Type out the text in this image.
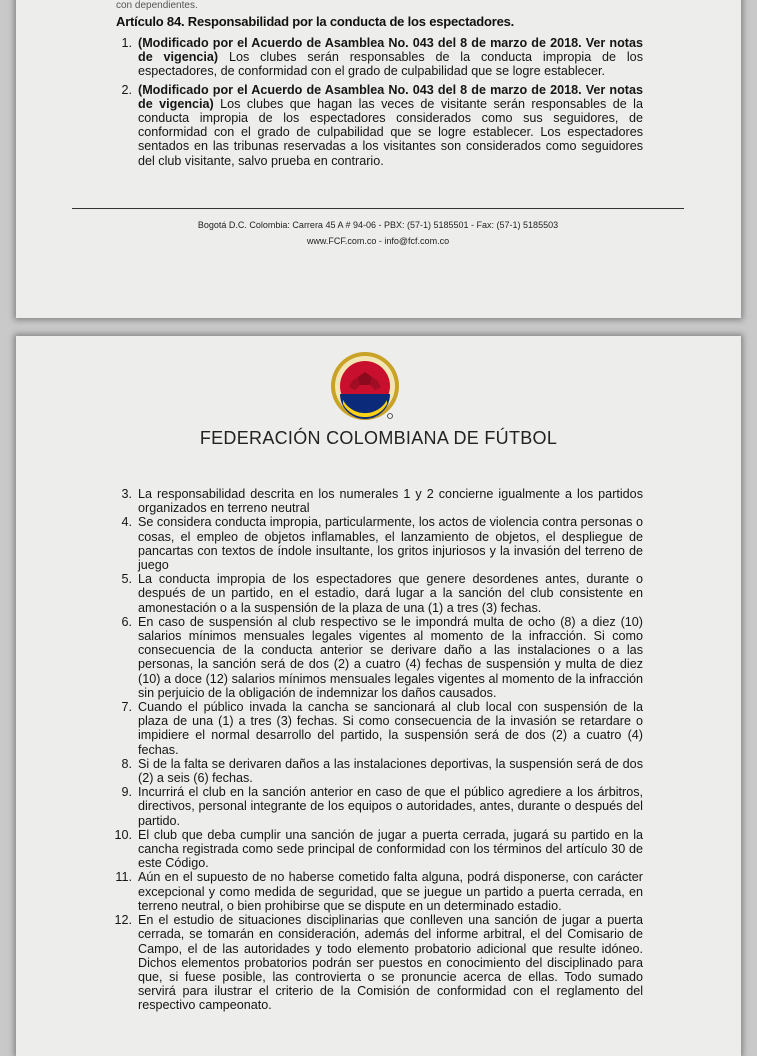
con dependientes.
Artículo 84. Responsabilidad por la conducta de los espectadores.
1. (Modificado por el Acuerdo de Asamblea No. 043 del 8 de marzo de 2018. Ver notas de vigencia) Los clubes serán responsables de la conducta impropia de los espectadores, de conformidad con el grado de culpabilidad que se logre establecer.
2. (Modificado por el Acuerdo de Asamblea No. 043 del 8 de marzo de 2018. Ver notas de vigencia) Los clubes que hagan las veces de visitante serán responsables de la conducta impropia de los espectadores considerados como sus seguidores, de conformidad con el grado de culpabilidad que se logre establecer. Los espectadores sentados en las tribunas reservadas a los visitantes son considerados como seguidores del club visitante, salvo prueba en contrario.
Bogotá D.C. Colombia: Carrera 45 A # 94-06 - PBX: (57-1) 5185501 - Fax: (57-1) 5185503
www.FCF.com.co - info@fcf.com.co
FEDERACIÓN COLOMBIANA DE FÚTBOL
3. La responsabilidad descrita en los numerales 1 y 2 concierne igualmente a los partidos organizados en terreno neutral
4. Se considera conducta impropia, particularmente, los actos de violencia contra personas o cosas, el empleo de objetos inflamables, el lanzamiento de objetos, el despliegue de pancartas con textos de índole insultante, los gritos injuriosos y la invasión del terreno de juego
5. La conducta impropia de los espectadores que genere desordenes antes, durante o después de un partido, en el estadio, dará lugar a la sanción del club consistente en amonestación o a la suspensión de la plaza de una (1) a tres (3) fechas.
6. En caso de suspensión al club respectivo se le impondrá multa de ocho (8) a diez (10) salarios mínimos mensuales legales vigentes al momento de la infracción. Si como consecuencia de la conducta anterior se derivare daño a las instalaciones o a las personas, la sanción será de dos (2) a cuatro (4) fechas de suspensión y multa de diez (10) a doce (12) salarios mínimos mensuales legales vigentes al momento de la infracción sin perjuicio de la obligación de indemnizar los daños causados.
7. Cuando el público invada la cancha se sancionará al club local con suspensión de la plaza de una (1) a tres (3) fechas. Si como consecuencia de la invasión se retardare o impidiere el normal desarrollo del partido, la suspensión será de dos (2) a cuatro (4) fechas.
8. Si de la falta se derivaren daños a las instalaciones deportivas, la suspensión será de dos (2) a seis (6) fechas.
9. Incurrirá el club en la sanción anterior en caso de que el público agrediere a los árbitros, directivos, personal integrante de los equipos o autoridades, antes, durante o después del partido.
10. El club que deba cumplir una sanción de jugar a puerta cerrada, jugará su partido en la cancha registrada como sede principal de conformidad con los términos del artículo 30 de este Código.
11. Aún en el supuesto de no haberse cometido falta alguna, podrá disponerse, con carácter excepcional y como medida de seguridad, que se juegue un partido a puerta cerrada, en terreno neutral, o bien prohibirse que se dispute en un determinado estadio.
12. En el estudio de situaciones disciplinarias que conlleven una sanción de jugar a puerta cerrada, se tomarán en consideración, además del informe arbitral, el del Comisario de Campo, el de las autoridades y todo elemento probatorio adicional que resulte idóneo. Dichos elementos probatorios podrán ser puestos en conocimiento del disciplinado para que, si fuese posible, las controvierta o se pronuncie acerca de ellas. Todo sumado servirá para ilustrar el criterio de la Comisión de conformidad con el reglamento del respectivo campeonato.
